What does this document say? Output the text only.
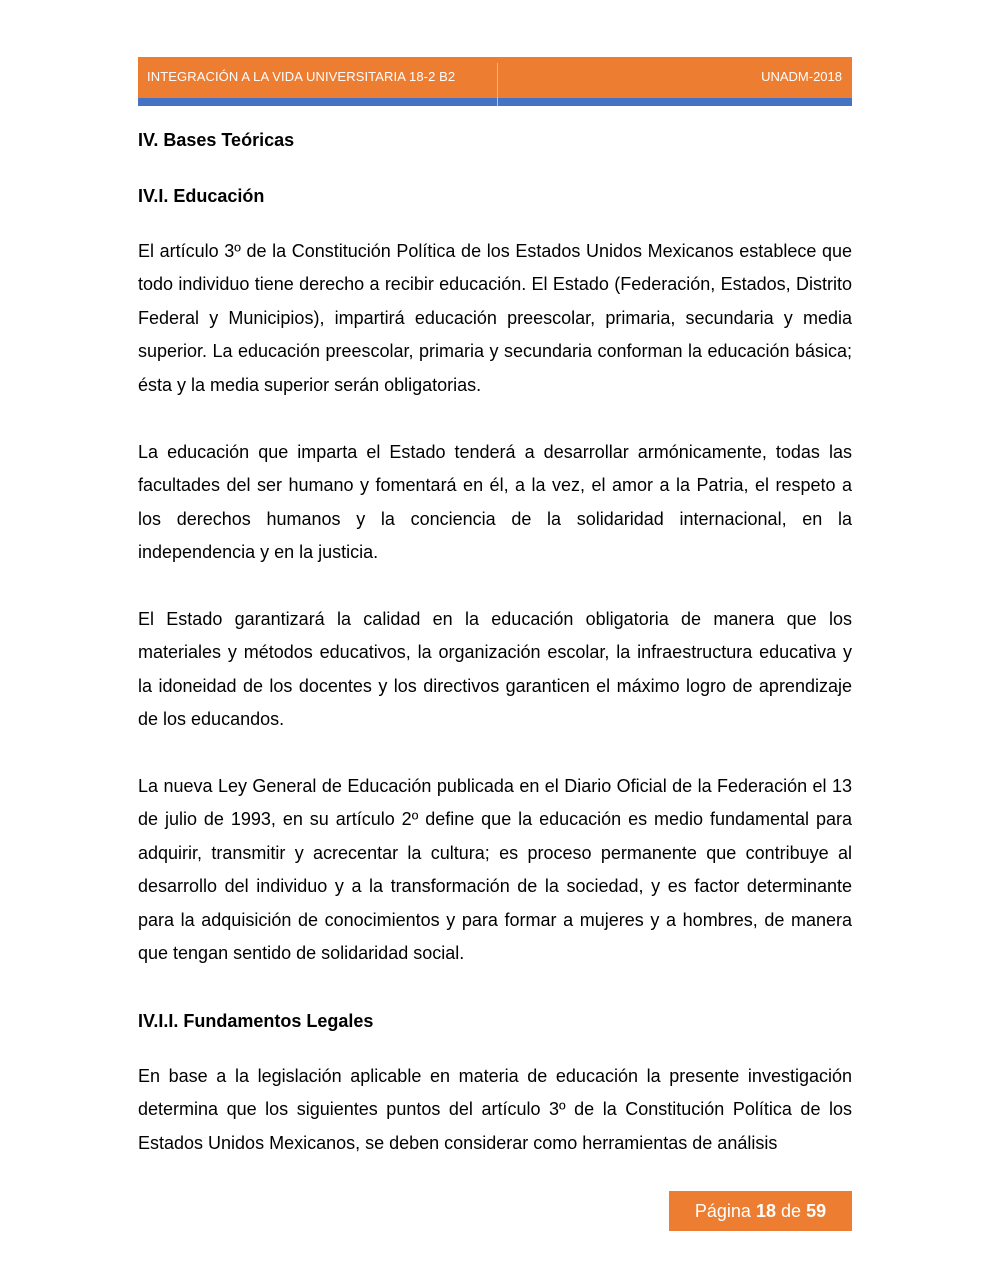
INTEGRACIÓN A LA VIDA UNIVERSITARIA 18-2 B2	UNADM-2018
IV. Bases Teóricas
IV.I. Educación

El artículo 3º de la Constitución Política de los Estados Unidos Mexicanos establece que todo individuo tiene derecho a recibir educación. El Estado (Federación, Estados, Distrito Federal y Municipios), impartirá educación preescolar, primaria, secundaria y media superior. La educación preescolar, primaria y secundaria conforman la educación básica; ésta y la media superior serán obligatorias.

La educación que imparta el Estado tenderá a desarrollar armónicamente, todas las facultades del ser humano y fomentará en él, a la vez, el amor a la Patria, el respeto a los derechos humanos y la conciencia de la solidaridad internacional, en la independencia y en la justicia.

El Estado garantizará la calidad en la educación obligatoria de manera que los materiales y métodos educativos, la organización escolar, la infraestructura educativa y la idoneidad de los docentes y los directivos garanticen el máximo logro de aprendizaje de los educandos.

La nueva Ley General de Educación publicada en el Diario Oficial de la Federación el 13 de julio de 1993, en su artículo 2º define que la educación es medio fundamental para adquirir, transmitir y acrecentar la cultura; es proceso permanente que contribuye al desarrollo del individuo y a la transformación de la sociedad, y es factor determinante para la adquisición de conocimientos y para formar a mujeres y a hombres, de manera que tengan sentido de solidaridad social.

IV.I.I. Fundamentos Legales

En base a la legislación aplicable en materia de educación la presente investigación determina que los siguientes puntos del artículo 3º de la Constitución Política de los Estados Unidos Mexicanos, se deben considerar como herramientas de análisis

Página 18 de 59
